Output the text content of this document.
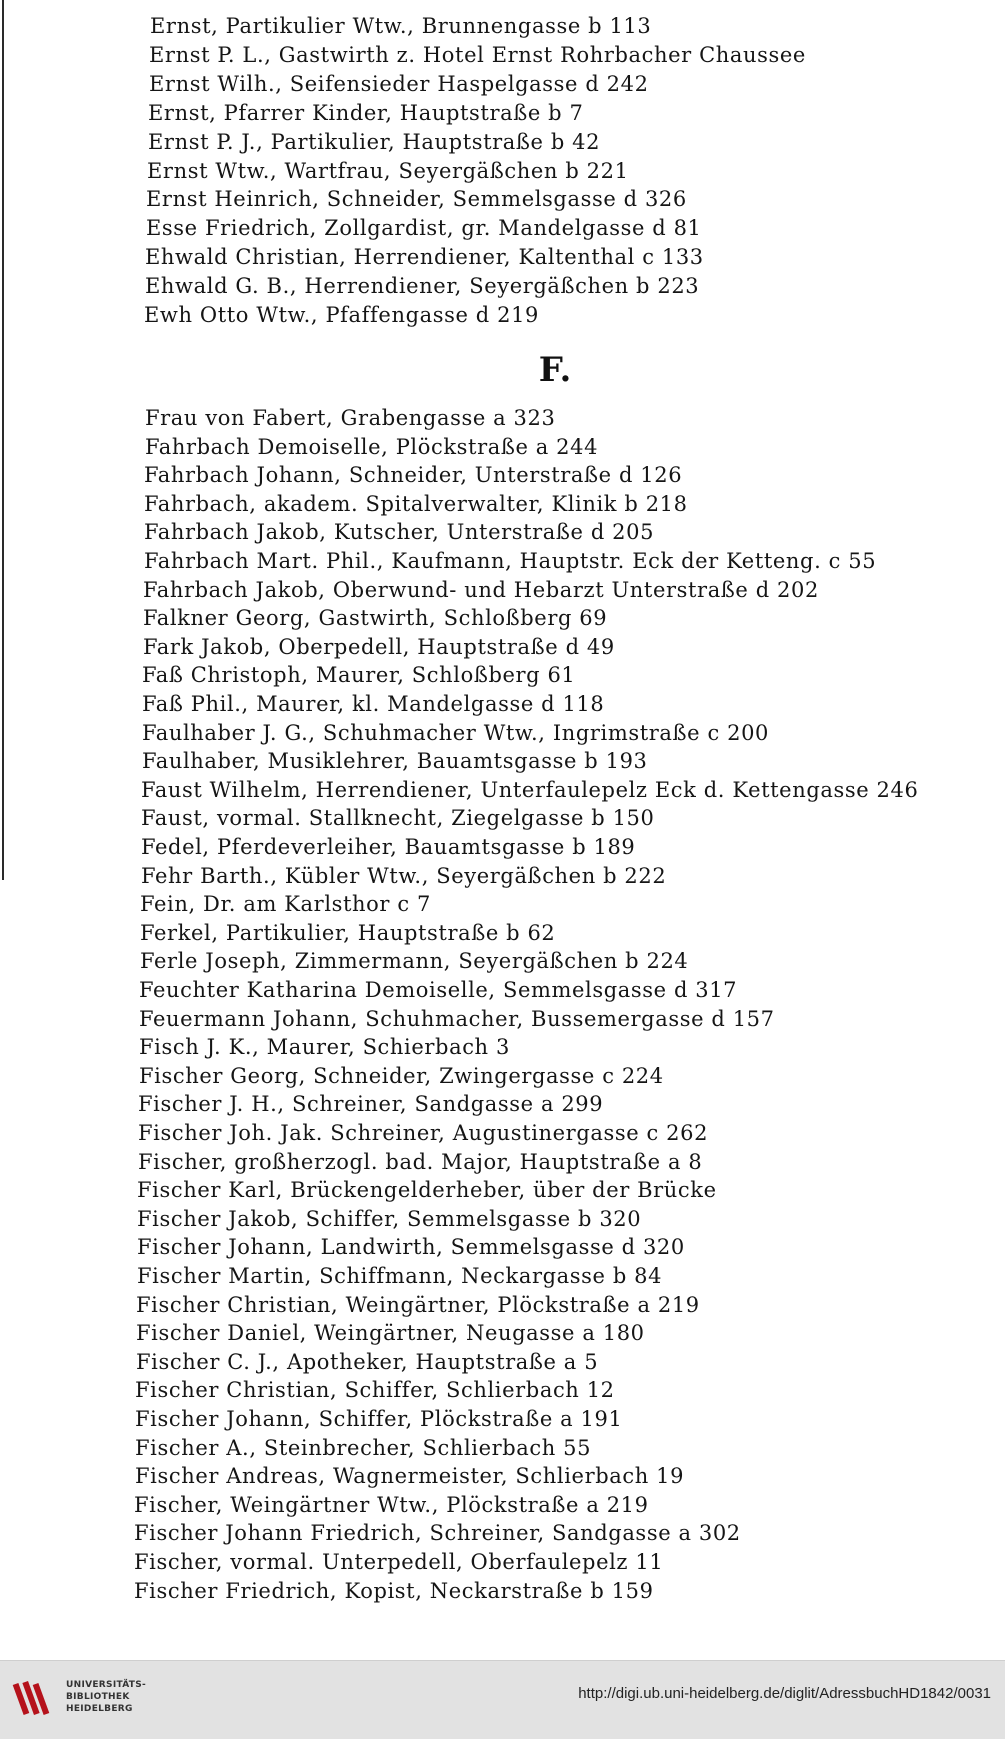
F.
Ernst, Partikulier Wtw., Brunnengasse b 113
Ernst P. L., Gastwirth z. Hotel Ernst Rohrbacher Chaussee
Ernst Wilh., Seifensieder Haspelgasse d 242
Ernst, Pfarrer Kinder, Hauptstraße b 7
Ernst P. J., Partikulier, Hauptstraße b 42
Ernst Wtw., Wartfrau, Seyergäßchen b 221
Ernst Heinrich, Schneider, Semmelsgasse d 326
Esse Friedrich, Zollgardist, gr. Mandelgasse d 81
Ehwald Christian, Herrendiener, Kaltenthal c 133
Ehwald G. B., Herrendiener, Seyergäßchen b 223
Ewh Otto Wtw., Pfaffengasse d 219
Frau von Fabert, Grabengasse a 323
Fahrbach Demoiselle, Plöckstraße a 244
Fahrbach Johann, Schneider, Unterstraße d 126
Fahrbach, akadem. Spitalverwalter, Klinik b 218
Fahrbach Jakob, Kutscher, Unterstraße d 205
Fahrbach Mart. Phil., Kaufmann, Hauptstr. Eck der Ketteng. c 55
Fahrbach Jakob, Oberwund- und Hebarzt Unterstraße d 202
Falkner Georg, Gastwirth, Schloßberg 69
Fark Jakob, Oberpedell, Hauptstraße d 49
Faß Christoph, Maurer, Schloßberg 61
Faß Phil., Maurer, kl. Mandelgasse d 118
Faulhaber J. G., Schuhmacher Wtw., Ingrimstraße c 200
Faulhaber, Musiklehrer, Bauamtsgasse b 193
Faust Wilhelm, Herrendiener, Unterfaulepelz Eck d. Kettengasse 246
Faust, vormal. Stallknecht, Ziegelgasse b 150
Fedel, Pferdeverleiher, Bauamtsgasse b 189
Fehr Barth., Kübler Wtw., Seyergäßchen b 222
Fein, Dr. am Karlsthor c 7
Ferkel, Partikulier, Hauptstraße b 62
Ferle Joseph, Zimmermann, Seyergäßchen b 224
Feuchter Katharina Demoiselle, Semmelsgasse d 317
Feuermann Johann, Schuhmacher, Bussemergasse d 157
Fisch J. K., Maurer, Schierbach 3
Fischer Georg, Schneider, Zwingergasse c 224
Fischer J. H., Schreiner, Sandgasse a 299
Fischer Joh. Jak. Schreiner, Augustinergasse c 262
Fischer, großherzogl. bad. Major, Hauptstraße a 8
Fischer Karl, Brückengelderheber, über der Brücke
Fischer Jakob, Schiffer, Semmelsgasse b 320
Fischer Johann, Landwirth, Semmelsgasse d 320
Fischer Martin, Schiffmann, Neckargasse b 84
Fischer Christian, Weingärtner, Plöckstraße a 219
Fischer Daniel, Weingärtner, Neugasse a 180
Fischer C. J., Apotheker, Hauptstraße a 5
Fischer Christian, Schiffer, Schlierbach 12
Fischer Johann, Schiffer, Plöckstraße a 191
Fischer A., Steinbrecher, Schlierbach 55
Fischer Andreas, Wagnermeister, Schlierbach 19
Fischer, Weingärtner Wtw., Plöckstraße a 219
Fischer Johann Friedrich, Schreiner, Sandgasse a 302
Fischer, vormal. Unterpedell, Oberfaulepelz 11
Fischer Friedrich, Kopist, Neckarstraße b 159
UNIVERSITÄTS-
BIBLIOTHEK
HEIDELBERG
http://digi.ub.uni-heidelberg.de/diglit/AdressbuchHD1842/0031
